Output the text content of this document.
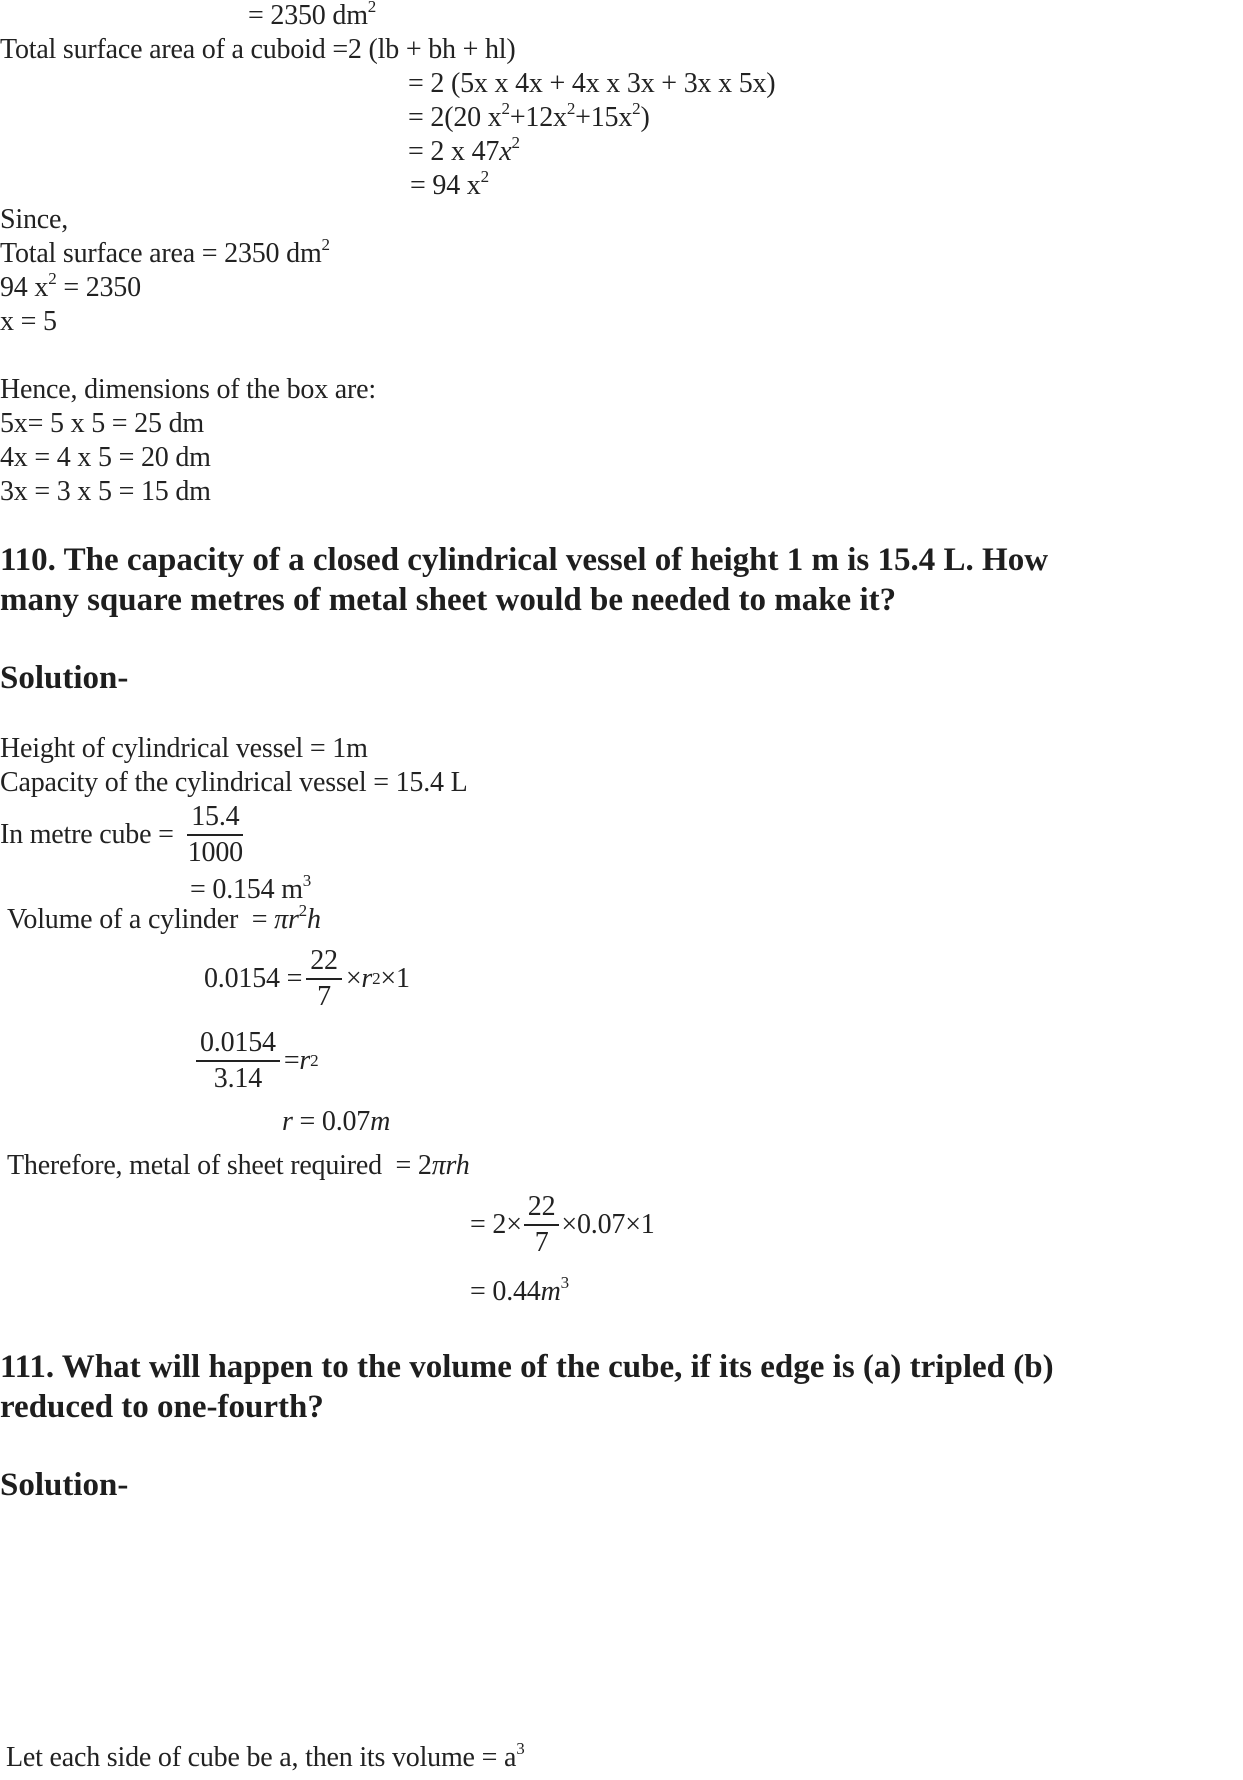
= 2350 $dm^2$
Total surface area of a cuboid =2 (lb + bh + hl)
= 2 (5x x 4x + 4x x 3x + 3x x 5x)
= 2(20 $x^2+12x^2+15x^2$)
= 2 x $47x^2$
= 94 $x^2$
Since,
Total surface area = 2350 $dm^2$
94 $x^2 = 2350$
x = 5
Hence, dimensions of the box are:
5x= 5 x 5 = 25 dm
4x = 4 x 5 = 20 dm
3x = 3 x 5 = 15 dm
110. The capacity of a closed cylindrical vessel of height 1 m is 15.4 L. How
many square metres of metal sheet would be needed to make it?
Solution-
Height of cylindrical vessel = 1m
Capacity of the cylindrical vessel = 15.4 L
In metre cube = $\frac{15.4}{1000}$
= 0.154 $m^3$
Volume of a cylinder = $\pi r^2h$
$0.0154 = \frac{22}{7} \times r$ 2 ×1
$\frac{0.0154}{3.14} = r$ 2
r = 0.07m
Therefore, metal of sheet required = 2πrh
= $2\times \frac{22}{7} \times 0.07\times 1$
= $0.44m^3$
111. What will happen to the volume of the cube, if its edge is (a) tripled (b)
reduced to one-fourth?
Solution-
Let each side of cube be a, then its volume = $a^3$
